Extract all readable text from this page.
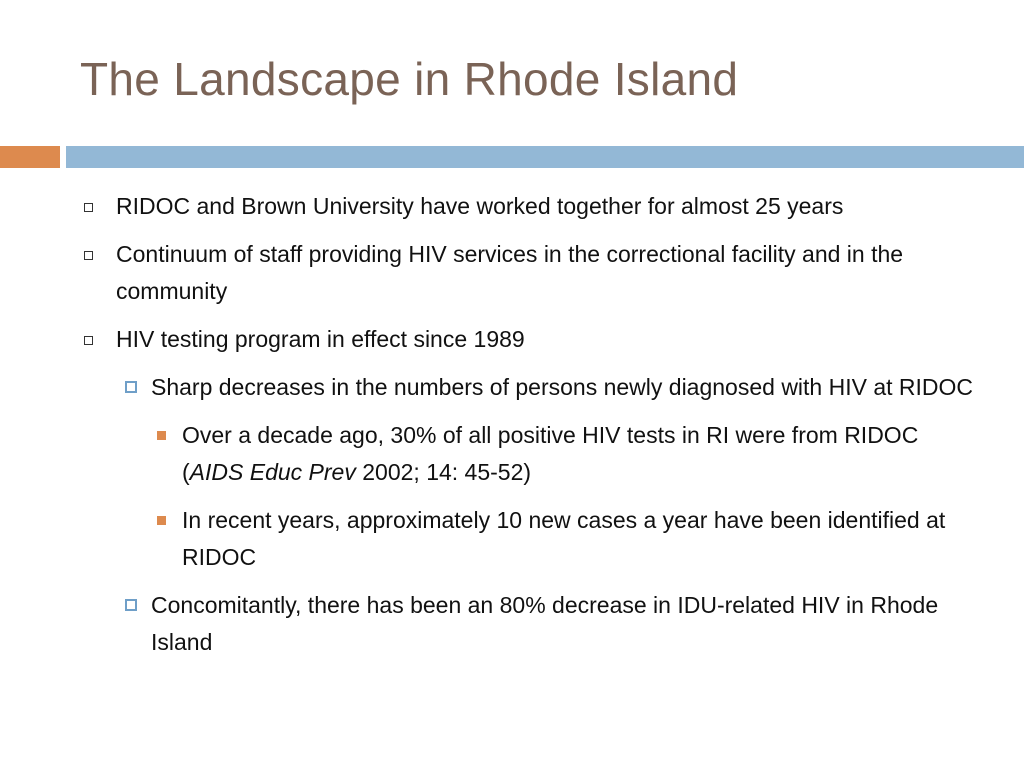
The Landscape in Rhode Island
RIDOC and Brown University have worked together for almost 25 years
Continuum of staff providing HIV services in the correctional facility and in the community
HIV testing program in effect since 1989
Sharp decreases in the numbers of persons newly diagnosed with HIV at RIDOC
Over a decade ago, 30% of all positive HIV tests in RI were from RIDOC(AIDS Educ Prev 2002; 14: 45-52)
In recent years, approximately 10 new cases a year have been identified at RIDOC
Concomitantly, there has been an 80% decrease in IDU-related HIV in Rhode Island
